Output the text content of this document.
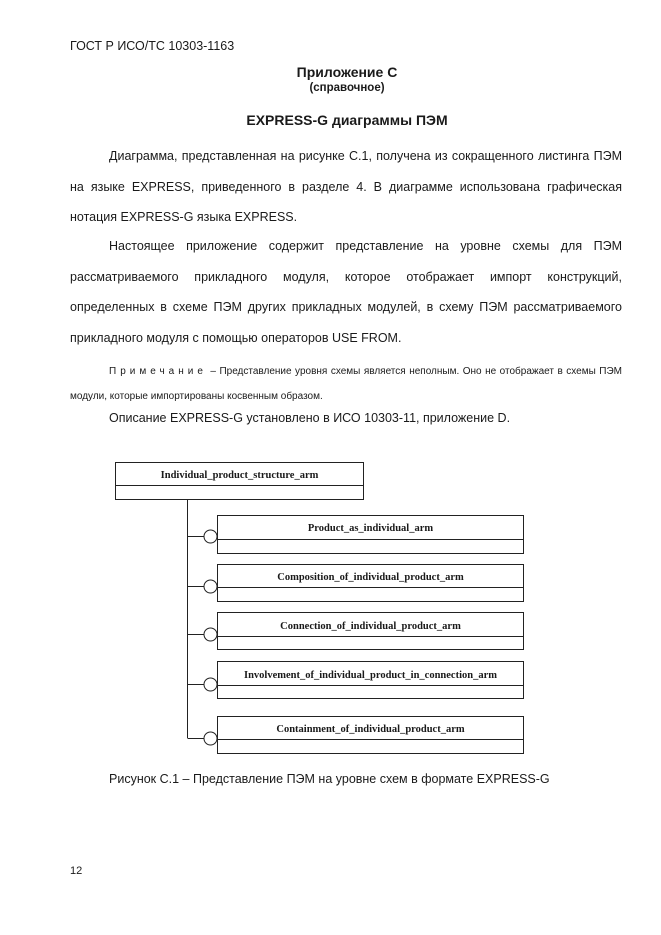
ГОСТ Р ИСО/ТС 10303-1163
Приложение С
(справочное)
EXPRESS-G диаграммы ПЭМ

Диаграмма, представленная на рисунке С.1, получена из сокращенного листинга ПЭМ на языке EXPRESS, приведенного в разделе 4. В диаграмме использована графическая нотация EXPRESS-G языка EXPRESS.

Настоящее приложение содержит представление на уровне схемы для ПЭМ рассматриваемого прикладного модуля, которое отображает импорт конструкций, определенных в схеме ПЭМ других прикладных модулей, в схему ПЭМ рассматриваемого прикладного модуля с помощью операторов USE FROM.

Примечание – Представление уровня схемы является неполным. Оно не отображает в схемы ПЭМ модули, которые импортированы косвенным образом.

Описание EXPRESS-G установлено в ИСО 10303-11, приложение D.
Individual_product_structure_arm
Product_as_individual_arm
Composition_of_individual_product_arm
Connection_of_individual_product_arm
Involvement_of_individual_product_in_connection_arm
Containment_of_individual_product_arm
Рисунок С.1 – Представление ПЭМ на уровне схем в формате EXPRESS-G
12
